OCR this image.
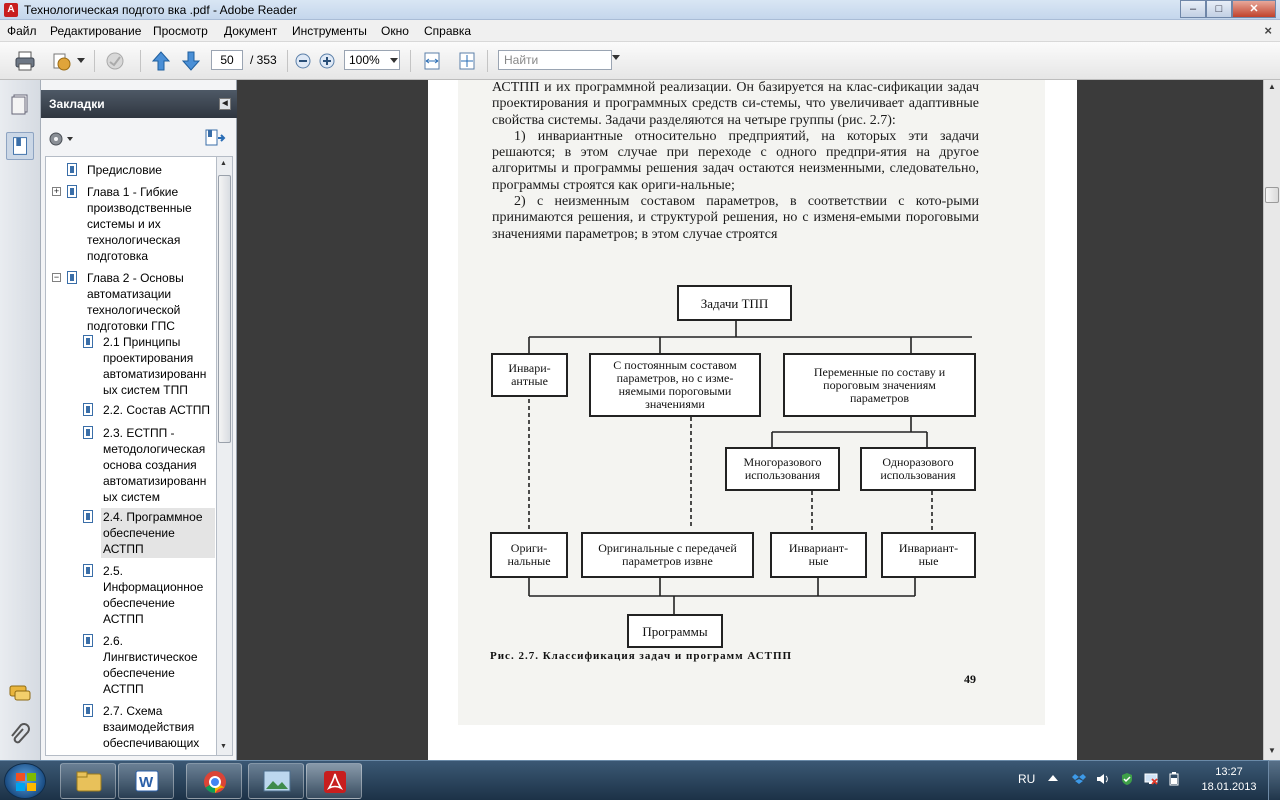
A Технологическая подгото вка .pdf - Adobe Reader	–	□	✕
Файл Редактирование Просмотр Документ Инструменты Окно Справка	×
50	/ 353	100%	Найти
Закладки	◀
Предисловие
+ Глава 1 - Гибкие
производственные
системы и их
технологическая
подготовка
− Глава 2 - Основы
автоматизации
технологической
подготовки ГПС
2.1 Принципы
проектирования
автоматизированн
ых систем ТПП
2.2. Состав АСТПП
2.3. ЕСТПП -
методологическая
основа создания
автоматизированн
ых систем
2.4. Программное
обеспечение
АСТПП
2.5.
Информационное
обеспечение
АСТПП
2.6.
Лингвистическое
обеспечение
АСТПП
2.7. Схема
взаимодействия
обеспечивающих
▲
▼

АСТПП и их программной реализации. Он базируется на клас-сификации задач проектирования и программных средств си-стемы, что увеличивает адаптивные свойства системы. Задачи разделяются на четыре группы (рис. 2.7):

1) инвариантные относительно предприятий, на которых эти задачи решаются; в этом случае при переходе с одного предпри-ятия на другое алгоритмы и программы решения задач остаются неизменными, следовательно, программы строятся как ориги-нальные;

2) с неизменным составом параметров, в соответствии с кото-рыми принимаются решения, и структурой решения, но с изменя-емыми пороговыми значениями параметров; в этом случае строятся

Задачи ТПП
Инвари-
антные
С постоянным составом
параметров, но с изме-
няемыми пороговыми
значениями
Переменные по составу и
пороговым значениям
параметров
Многоразового
использования
Одноразового
использования
Ориги-
нальные
Оригинальные с передачей
параметров извне
Инвариант-
ные
Инвариант-
ные
Программы
Рис. 2.7. Классификация задач и программ АСТПП
49
▲
▼
W	RU	13:27
18.01.2013
